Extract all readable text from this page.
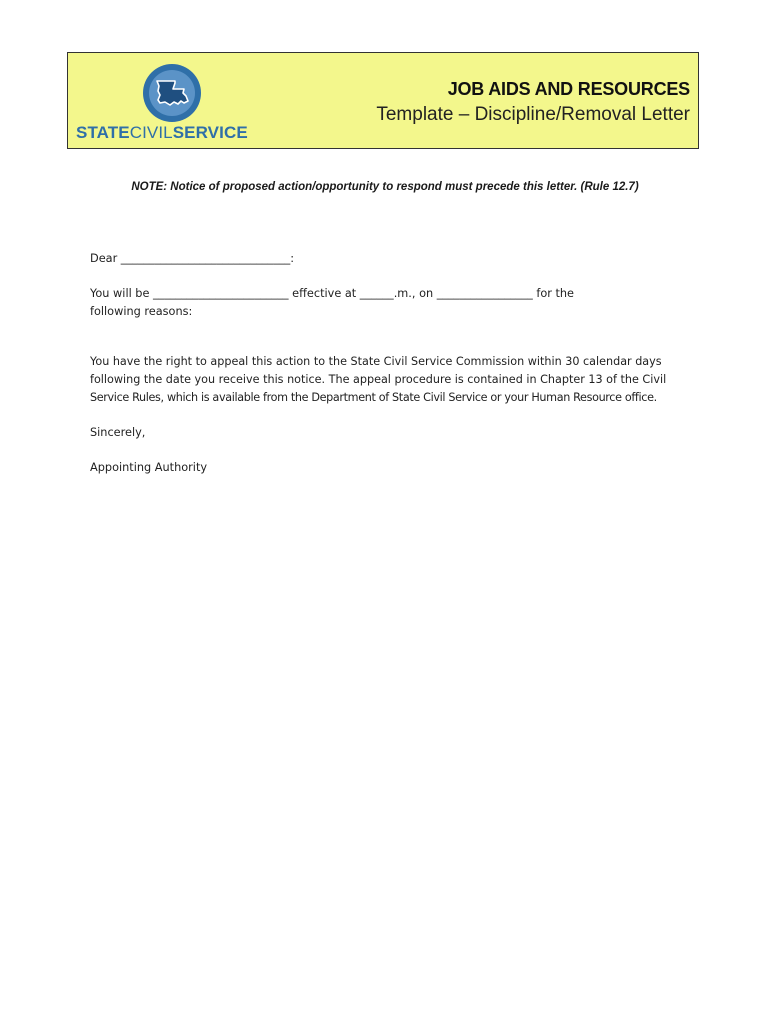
STATECIVILSERVICE
JOB AIDS AND RESOURCES
Template – Discipline/Removal Letter
NOTE: Notice of proposed action/opportunity to respond must precede this letter. (Rule 12.7)
Dear ______________________________:
You will be ________________________ effective at ______.m., on _________________ for the
following reasons:
You have the right to appeal this action to the State Civil Service Commission within 30 calendar days
following the date you receive this notice. The appeal procedure is contained in Chapter 13 of the Civil
Service Rules, which is available from the Department of State Civil Service or your Human Resource office.
Sincerely,
Appointing Authority
